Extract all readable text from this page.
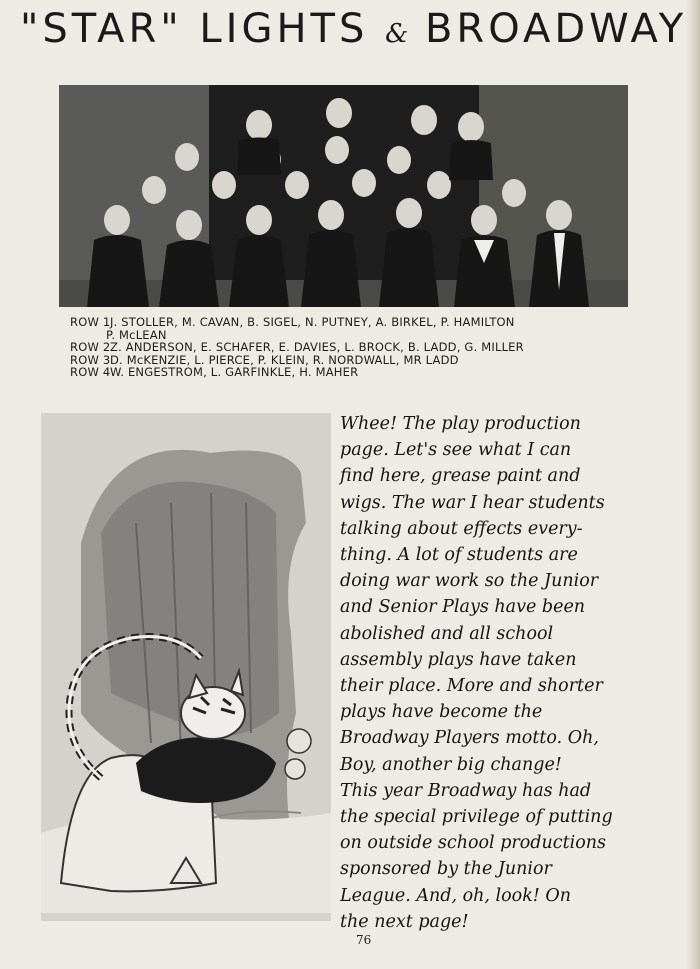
"STAR" LIGHTS & BROADWAY
ROW 1J. STOLLER, M. CAVAN, B. SIGEL, N. PUTNEY, A. BIRKEL, P. HAMILTON
P. McLEAN
ROW 2Z. ANDERSON, E. SCHAFER, E. DAVIES, L. BROCK, B. LADD, G. MILLER
ROW 3D. McKENZIE, L. PIERCE, P. KLEIN, R. NORDWALL, MR LADD
ROW 4W. ENGESTROM, L. GARFINKLE, H. MAHER
Whee! The play production
page. Let's see what I can
find here, grease paint and
wigs. The war I hear students
talking about effects every-
thing. A lot of students are
doing war work so the Junior
and Senior Plays have been
abolished and all school
assembly plays have taken
their place. More and shorter
plays have become the
Broadway Players motto. Oh,
Boy, another big change!
This year Broadway has had
the special privilege of putting
on outside school productions
sponsored by the Junior
League. And, oh, look! On
the next page!
76
